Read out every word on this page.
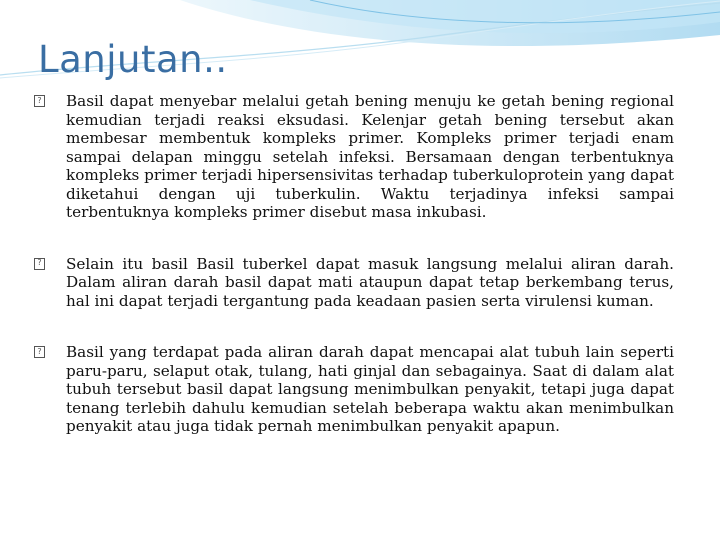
Lanjutan..
? Basil dapat menyebar melalui getah bening menuju ke getah bening regional kemudian terjadi reaksi eksudasi. Kelenjar getah bening tersebut akan membesar membentuk kompleks primer. Kompleks primer terjadi enam sampai delapan minggu setelah infeksi. Bersamaan dengan terbentuknya kompleks primer terjadi hipersensivitas terhadap tuberkuloprotein yang dapat diketahui dengan uji tuberkulin. Waktu terjadinya infeksi sampai terbentuknya kompleks primer disebut masa inkubasi.
? Selain itu basil Basil tuberkel dapat masuk langsung melalui aliran darah. Dalam aliran darah basil dapat mati ataupun dapat tetap berkembang terus, hal ini dapat terjadi tergantung pada keadaan pasien serta virulensi kuman.
? Basil yang terdapat pada aliran darah dapat mencapai alat tubuh lain seperti paru-paru, selaput otak, tulang, hati ginjal dan sebagainya. Saat di dalam alat tubuh tersebut basil dapat langsung menimbulkan penyakit, tetapi juga dapat tenang terlebih dahulu kemudian setelah beberapa waktu akan menimbulkan penyakit atau juga tidak pernah menimbulkan penyakit apapun.
